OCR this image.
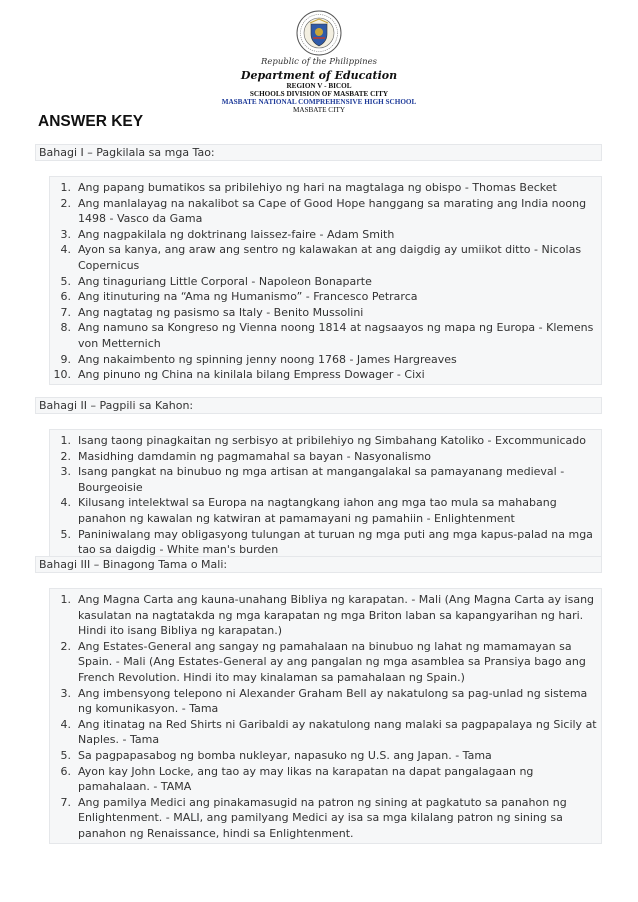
Republic of the Philippines
Department of Education
REGION V - BICOL
SCHOOLS DIVISION OF MASBATE CITY
MASBATE NATIONAL COMPREHENSIVE HIGH SCHOOL
MASBATE CITY
ANSWER KEY
Bahagi I – Pagkilala sa mga Tao:
1. Ang papang bumatikos sa pribilehiyo ng hari na magtalaga ng obispo - Thomas Becket
2. Ang manlalayag na nakalibot sa Cape of Good Hope hanggang sa marating ang India noong 1498 - Vasco da Gama
3. Ang nagpakilala ng doktrinang laissez-faire - Adam Smith
4. Ayon sa kanya, ang araw ang sentro ng kalawakan at ang daigdig ay umiikot ditto - Nicolas Copernicus
5. Ang tinaguriang Little Corporal - Napoleon Bonaparte
6. Ang itinuturing na “Ama ng Humanismo” - Francesco Petrarca
7. Ang nagtatag ng pasismo sa Italy - Benito Mussolini
8. Ang namuno sa Kongreso ng Vienna noong 1814 at nagsaayos ng mapa ng Europa - Klemens von Metternich
9. Ang nakaimbento ng spinning jenny noong 1768 - James Hargreaves
10. Ang pinuno ng China na kinilala bilang Empress Dowager - Cixi
Bahagi II – Pagpili sa Kahon:
1. Isang taong pinagkaitan ng serbisyo at pribilehiyo ng Simbahang Katoliko - Excommunicado
2. Masidhing damdamin ng pagmamahal sa bayan - Nasyonalismo
3. Isang pangkat na binubuo ng mga artisan at mangangalakal sa pamayanang medieval - Bourgeoisie
4. Kilusang intelektwal sa Europa na nagtangkang iahon ang mga tao mula sa mahabang panahon ng kawalan ng katwiran at pamamayani ng pamahiin - Enlightenment
5. Paniniwalang may obligasyong tulungan at turuan ng mga puti ang mga kapus-palad na mga tao sa daigdig - White man's burden
Bahagi III – Binagong Tama o Mali:
1. Ang Magna Carta ang kauna-unahang Bibliya ng karapatan. - Mali (Ang Magna Carta ay isang kasulatan na nagtatakda ng mga karapatan ng mga Briton laban sa kapangyarihan ng hari. Hindi ito isang Bibliya ng karapatan.)
2. Ang Estates-General ang sangay ng pamahalaan na binubuo ng lahat ng mamamayan sa Spain. - Mali (Ang Estates-General ay ang pangalan ng mga asamblea sa Pransiya bago ang French Revolution. Hindi ito may kinalaman sa pamahalaan ng Spain.)
3. Ang imbensyong telepono ni Alexander Graham Bell ay nakatulong sa pag-unlad ng sistema ng komunikasyon. - Tama
4. Ang itinatag na Red Shirts ni Garibaldi ay nakatulong nang malaki sa pagpapalaya ng Sicily at Naples. - Tama
5. Sa pagpapasabog ng bomba nukleyar, napasuko ng U.S. ang Japan. - Tama
6. Ayon kay John Locke, ang tao ay may likas na karapatan na dapat pangalagaan ng pamahalaan. - TAMA
7. Ang pamilya Medici ang pinakamasugid na patron ng sining at pagkatuto sa panahon ng Enlightenment. - MALI, ang pamilyang Medici ay isa sa mga kilalang patron ng sining sa panahon ng Renaissance, hindi sa Enlightenment.
